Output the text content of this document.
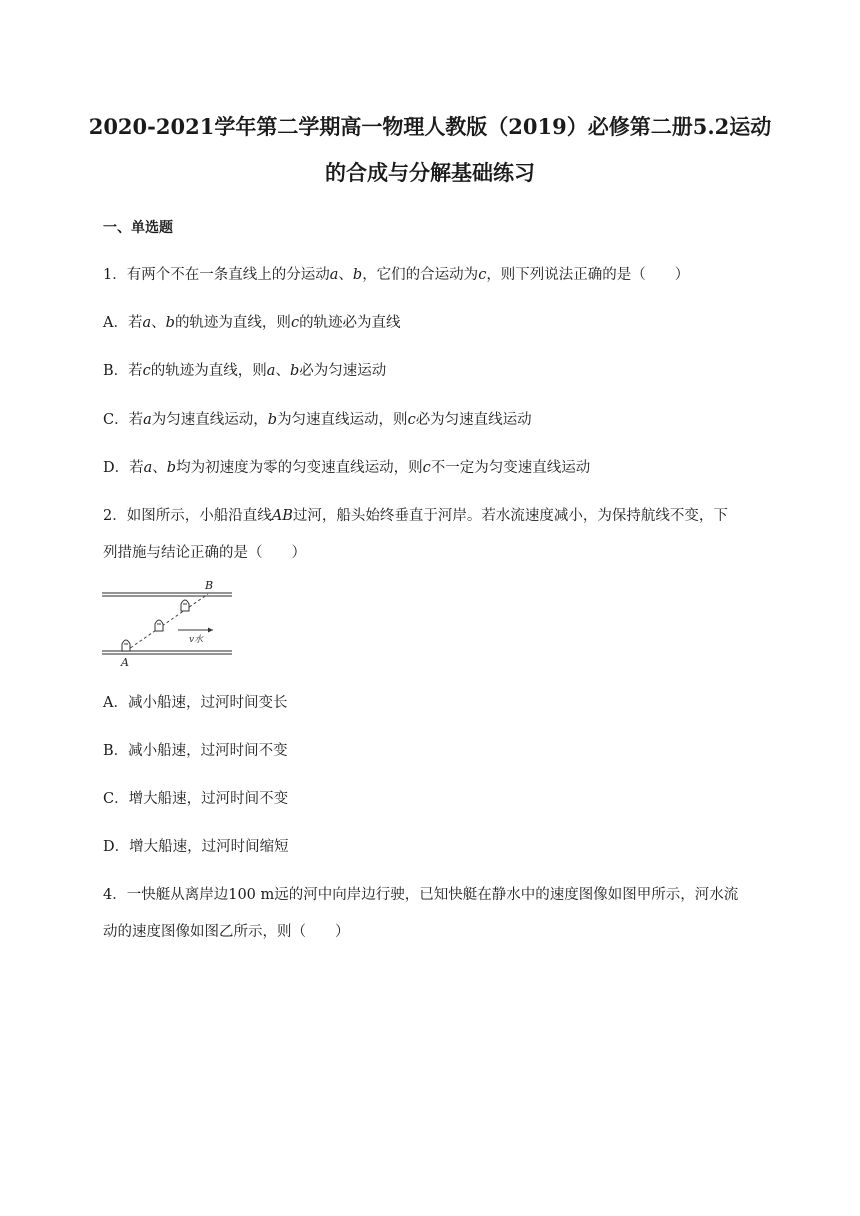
2020-2021学年第二学期高一物理人教版（2019）必修第二册5.2运动
的合成与分解基础练习
一、单选题
1．有两个不在一条直线上的分运动a、b，它们的合运动为c，则下列说法正确的是（　　）
A．若a、b的轨迹为直线，则c的轨迹必为直线
B．若c的轨迹为直线，则a、b必为匀速运动
C．若a为匀速直线运动，b为匀速直线运动，则c必为匀速直线运动
D．若a、b均为初速度为零的匀变速直线运动，则c不一定为匀变速直线运动
2．如图所示，小船沿直线AB过河，船头始终垂直于河岸。若水流速度减小，为保持航线不变，下
列措施与结论正确的是（　　）
v水
A
B
A．减小船速，过河时间变长
B．减小船速，过河时间不变
C．增大船速，过河时间不变
D．增大船速，过河时间缩短
4．一快艇从离岸边100 m远的河中向岸边行驶，已知快艇在静水中的速度图像如图甲所示，河水流
动的速度图像如图乙所示，则（　　）
